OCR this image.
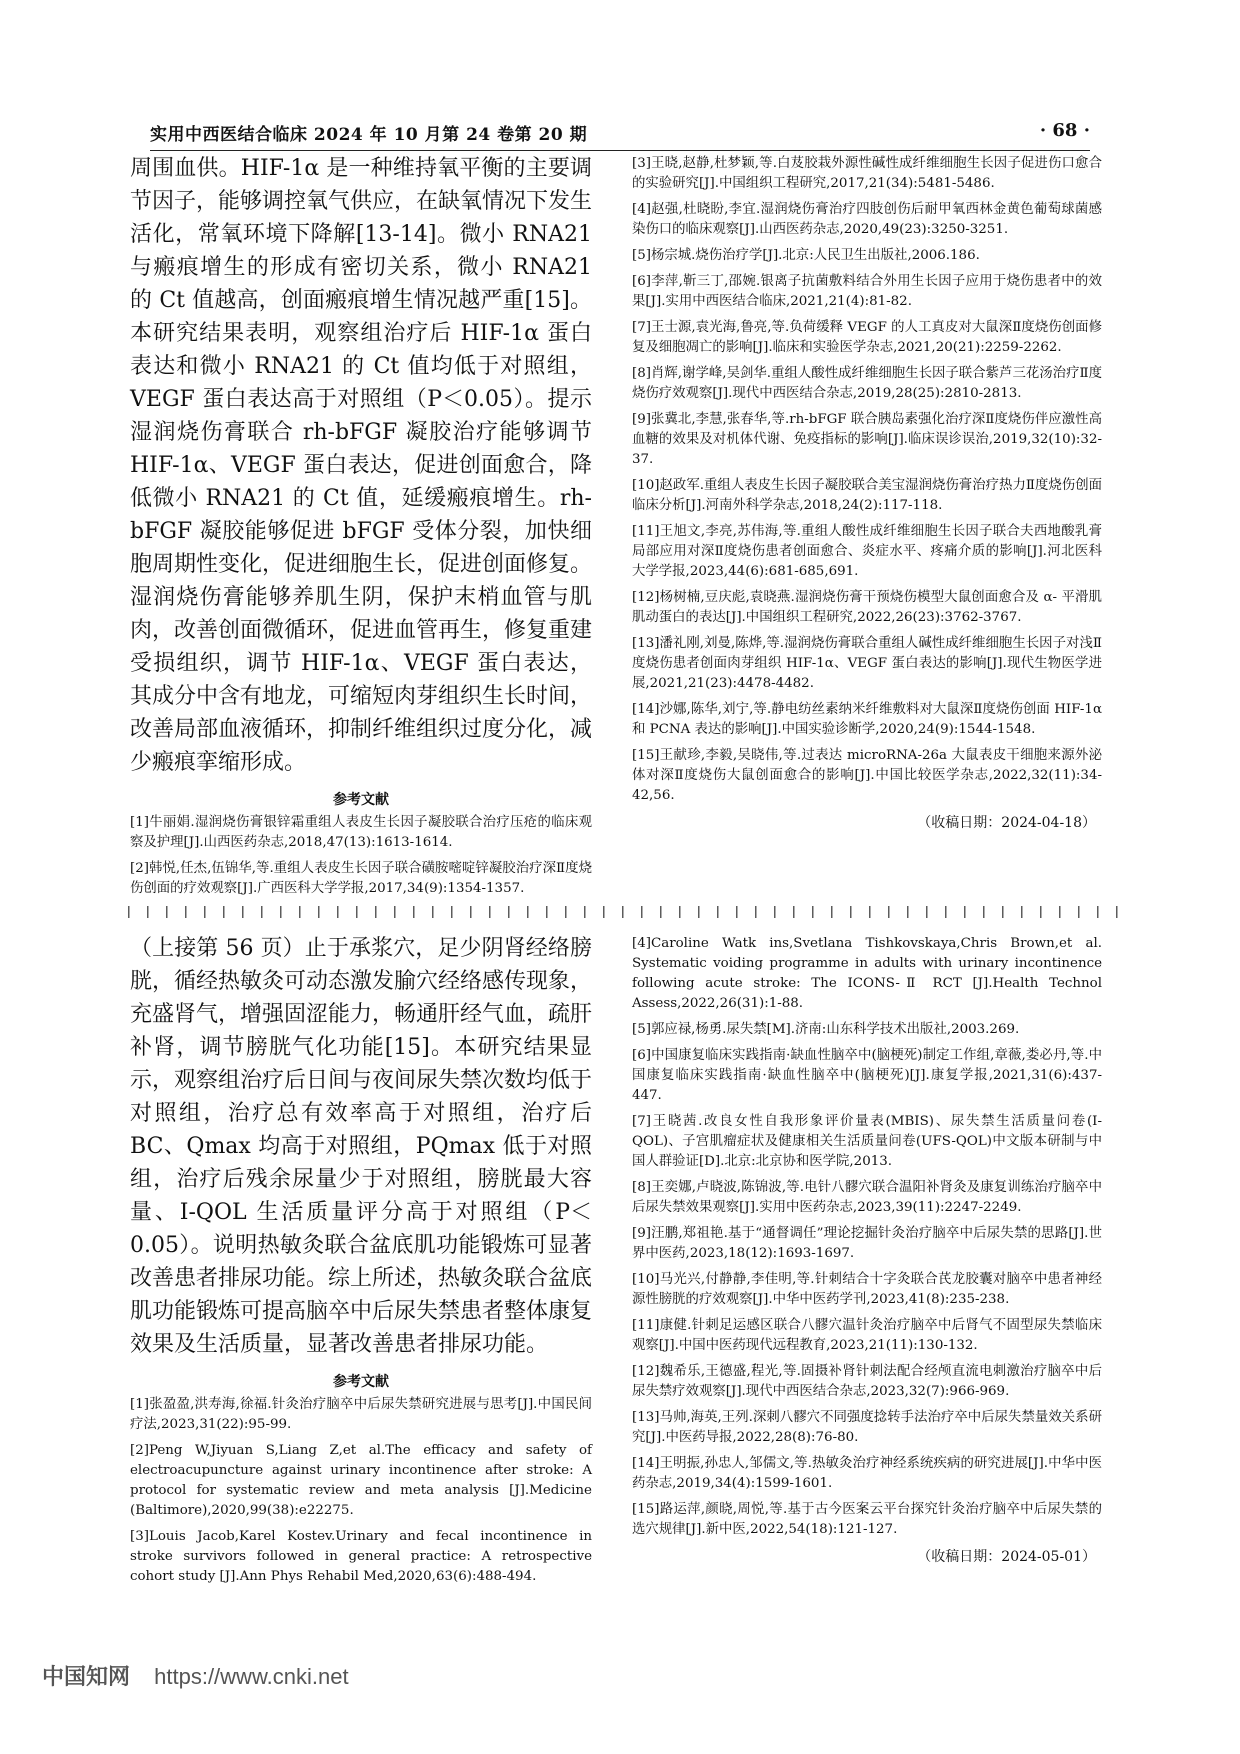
实用中西医结合临床 2024 年 10 月第 24 卷第 20 期	· 68 ·

周围血供。HIF-1α 是一种维持氧平衡的主要调节因子，能够调控氧气供应，在缺氧情况下发生活化，常氧环境下降解[13-14]。微小 RNA21 与瘢痕增生的形成有密切关系，微小 RNA21 的 Ct 值越高，创面瘢痕增生情况越严重[15]。本研究结果表明，观察组治疗后 HIF-1α 蛋白表达和微小 RNA21 的 Ct 值均低于对照组，VEGF 蛋白表达高于对照组（P＜0.05）。提示湿润烧伤膏联合 rh-bFGF 凝胶治疗能够调节 HIF-1α、VEGF 蛋白表达，促进创面愈合，降低微小 RNA21 的 Ct 值，延缓瘢痕增生。rh-bFGF 凝胶能够促进 bFGF 受体分裂，加快细胞周期性变化，促进细胞生长，促进创面修复。湿润烧伤膏能够养肌生阴，保护末梢血管与肌肉，改善创面微循环，促进血管再生，修复重建受损组织，调节 HIF-1α、VEGF 蛋白表达，其成分中含有地龙，可缩短肉芽组织生长时间，改善局部血液循环，抑制纤维组织过度分化，减少瘢痕挛缩形成。

参考文献
[1]牛丽娟.湿润烧伤膏银锌霜重组人表皮生长因子凝胶联合治疗压疮的临床观察及护理[J].山西医药杂志,2018,47(13):1613-1614.
[2]韩悦,任杰,伍锦华,等.重组人表皮生长因子联合磺胺嘧啶锌凝胶治疗深Ⅱ度烧伤创面的疗效观察[J].广西医科大学学报,2017,34(9):1354-1357.
[3]王晓,赵静,杜梦颖,等.白芨胶栽外源性碱性成纤维细胞生长因子促进伤口愈合的实验研究[J].中国组织工程研究,2017,21(34):5481-5486.
[4]赵强,杜晓盼,李宜.湿润烧伤膏治疗四肢创伤后耐甲氧西林金黄色葡萄球菌感染伤口的临床观察[J].山西医药杂志,2020,49(23):3250-3251.
[5]杨宗城.烧伤治疗学[J].北京:人民卫生出版社,2006.186.
[6]李萍,靳三丁,邵婉.银离子抗菌敷料结合外用生长因子应用于烧伤患者中的效果[J].实用中西医结合临床,2021,21(4):81-82.
[7]王士源,袁光海,鲁亮,等.负荷缓释 VEGF 的人工真皮对大鼠深Ⅱ度烧伤创面修复及细胞凋亡的影响[J].临床和实验医学杂志,2021,20(21):2259-2262.
[8]肖辉,谢学峰,吴剑华.重组人酸性成纤维细胞生长因子联合紫芦三花汤治疗Ⅱ度烧伤疗效观察[J].现代中西医结合杂志,2019,28(25):2810-2813.
[9]张冀北,李慧,张春华,等.rh-bFGF 联合胰岛素强化治疗深Ⅱ度烧伤伴应激性高血糖的效果及对机体代谢、免疫指标的影响[J].临床误诊误治,2019,32(10):32-37.
[10]赵政军.重组人表皮生长因子凝胶联合美宝湿润烧伤膏治疗热力Ⅱ度烧伤创面临床分析[J].河南外科学杂志,2018,24(2):117-118.
[11]王旭文,李亮,苏伟海,等.重组人酸性成纤维细胞生长因子联合夫西地酸乳膏局部应用对深Ⅱ度烧伤患者创面愈合、炎症水平、疼痛介质的影响[J].河北医科大学学报,2023,44(6):681-685,691.
[12]杨树楠,豆庆彪,袁晓燕.湿润烧伤膏干预烧伤模型大鼠创面愈合及 α- 平滑肌肌动蛋白的表达[J].中国组织工程研究,2022,26(23):3762-3767.
[13]潘礼刚,刘曼,陈烨,等.湿润烧伤膏联合重组人碱性成纤维细胞生长因子对浅Ⅱ度烧伤患者创面肉芽组织 HIF-1α、VEGF 蛋白表达的影响[J].现代生物医学进展,2021,21(23):4478-4482.
[14]沙娜,陈华,刘宁,等.静电纺丝素纳米纤维敷料对大鼠深Ⅱ度烧伤创面 HIF-1α 和 PCNA 表达的影响[J].中国实验诊断学,2020,24(9):1544-1548.
[15]王献珍,李毅,吴晓伟,等.过表达 microRNA-26a 大鼠表皮干细胞来源外泌体对深Ⅱ度烧伤大鼠创面愈合的影响[J].中国比较医学杂志,2022,32(11):34-42,56.
（收稿日期：2024-04-18）

（上接第 56 页）止于承浆穴，足少阴肾经络膀胱，循经热敏灸可动态激发腧穴经络感传现象，充盛肾气，增强固涩能力，畅通肝经气血，疏肝补肾，调节膀胱气化功能[15]。本研究结果显示，观察组治疗后日间与夜间尿失禁次数均低于对照组，治疗总有效率高于对照组，治疗后 BC、Qmax 均高于对照组，PQmax 低于对照组，治疗后残余尿量少于对照组，膀胱最大容量、I-QOL 生活质量评分高于对照组（P＜0.05）。说明热敏灸联合盆底肌功能锻炼可显著改善患者排尿功能。综上所述，热敏灸联合盆底肌功能锻炼可提高脑卒中后尿失禁患者整体康复效果及生活质量，显著改善患者排尿功能。

参考文献
[1]张盈盈,洪寿海,徐福.针灸治疗脑卒中后尿失禁研究进展与思考[J].中国民间疗法,2023,31(22):95-99.
[2]Peng W,Jiyuan S,Liang Z,et al.The efficacy and safety of electroacupuncture against urinary incontinence after stroke: A protocol for systematic review and meta analysis [J].Medicine (Baltimore),2020,99(38):e22275.
[3]Louis Jacob,Karel Kostev.Urinary and fecal incontinence in stroke survivors followed in general practice: A retrospective cohort study [J].Ann Phys Rehabil Med,2020,63(6):488-494.
[4]Caroline Watk ins,Svetlana Tishkovskaya,Chris Brown,et al. Systematic voiding programme in adults with urinary incontinence following acute stroke: The ICONS-Ⅱ RCT [J].Health Technol Assess,2022,26(31):1-88.
[5]郭应禄,杨勇.尿失禁[M].济南:山东科学技术出版社,2003.269.
[6]中国康复临床实践指南·缺血性脑卒中(脑梗死)制定工作组,章薇,娄必丹,等.中国康复临床实践指南·缺血性脑卒中(脑梗死)[J].康复学报,2021,31(6):437-447.
[7]王晓茜.改良女性自我形象评价量表(MBIS)、尿失禁生活质量问卷(I-QOL)、子宫肌瘤症状及健康相关生活质量问卷(UFS-QOL)中文版本研制与中国人群验证[D].北京:北京协和医学院,2013.
[8]王奕娜,卢晓波,陈锦波,等.电针八髎穴联合温阳补肾灸及康复训练治疗脑卒中后尿失禁效果观察[J].实用中医药杂志,2023,39(11):2247-2249.
[9]汪鹏,郑祖艳.基于“通督调任”理论挖掘针灸治疗脑卒中后尿失禁的思路[J].世界中医药,2023,18(12):1693-1697.
[10]马光兴,付静静,李佳明,等.针刺结合十字灸联合芪龙胶囊对脑卒中患者神经源性膀胱的疗效观察[J].中华中医药学刊,2023,41(8):235-238.
[11]康健.针刺足运感区联合八髎穴温针灸治疗脑卒中后肾气不固型尿失禁临床观察[J].中国中医药现代远程教育,2023,21(11):130-132.
[12]魏希乐,王德盛,程光,等.固摄补肾针刺法配合经颅直流电刺激治疗脑卒中后尿失禁疗效观察[J].现代中西医结合杂志,2023,32(7):966-969.
[13]马帅,海英,王列.深刺八髎穴不同强度捻转手法治疗卒中后尿失禁量效关系研究[J].中医药导报,2022,28(8):76-80.
[14]王明振,孙忠人,邹儒文,等.热敏灸治疗神经系统疾病的研究进展[J].中华中医药杂志,2019,34(4):1599-1601.
[15]路运萍,颜晓,周悦,等.基于古今医案云平台探究针灸治疗脑卒中后尿失禁的选穴规律[J].新中医,2022,54(18):121-127.
（收稿日期：2024-05-01）
中国知网 https://www.cnki.net
